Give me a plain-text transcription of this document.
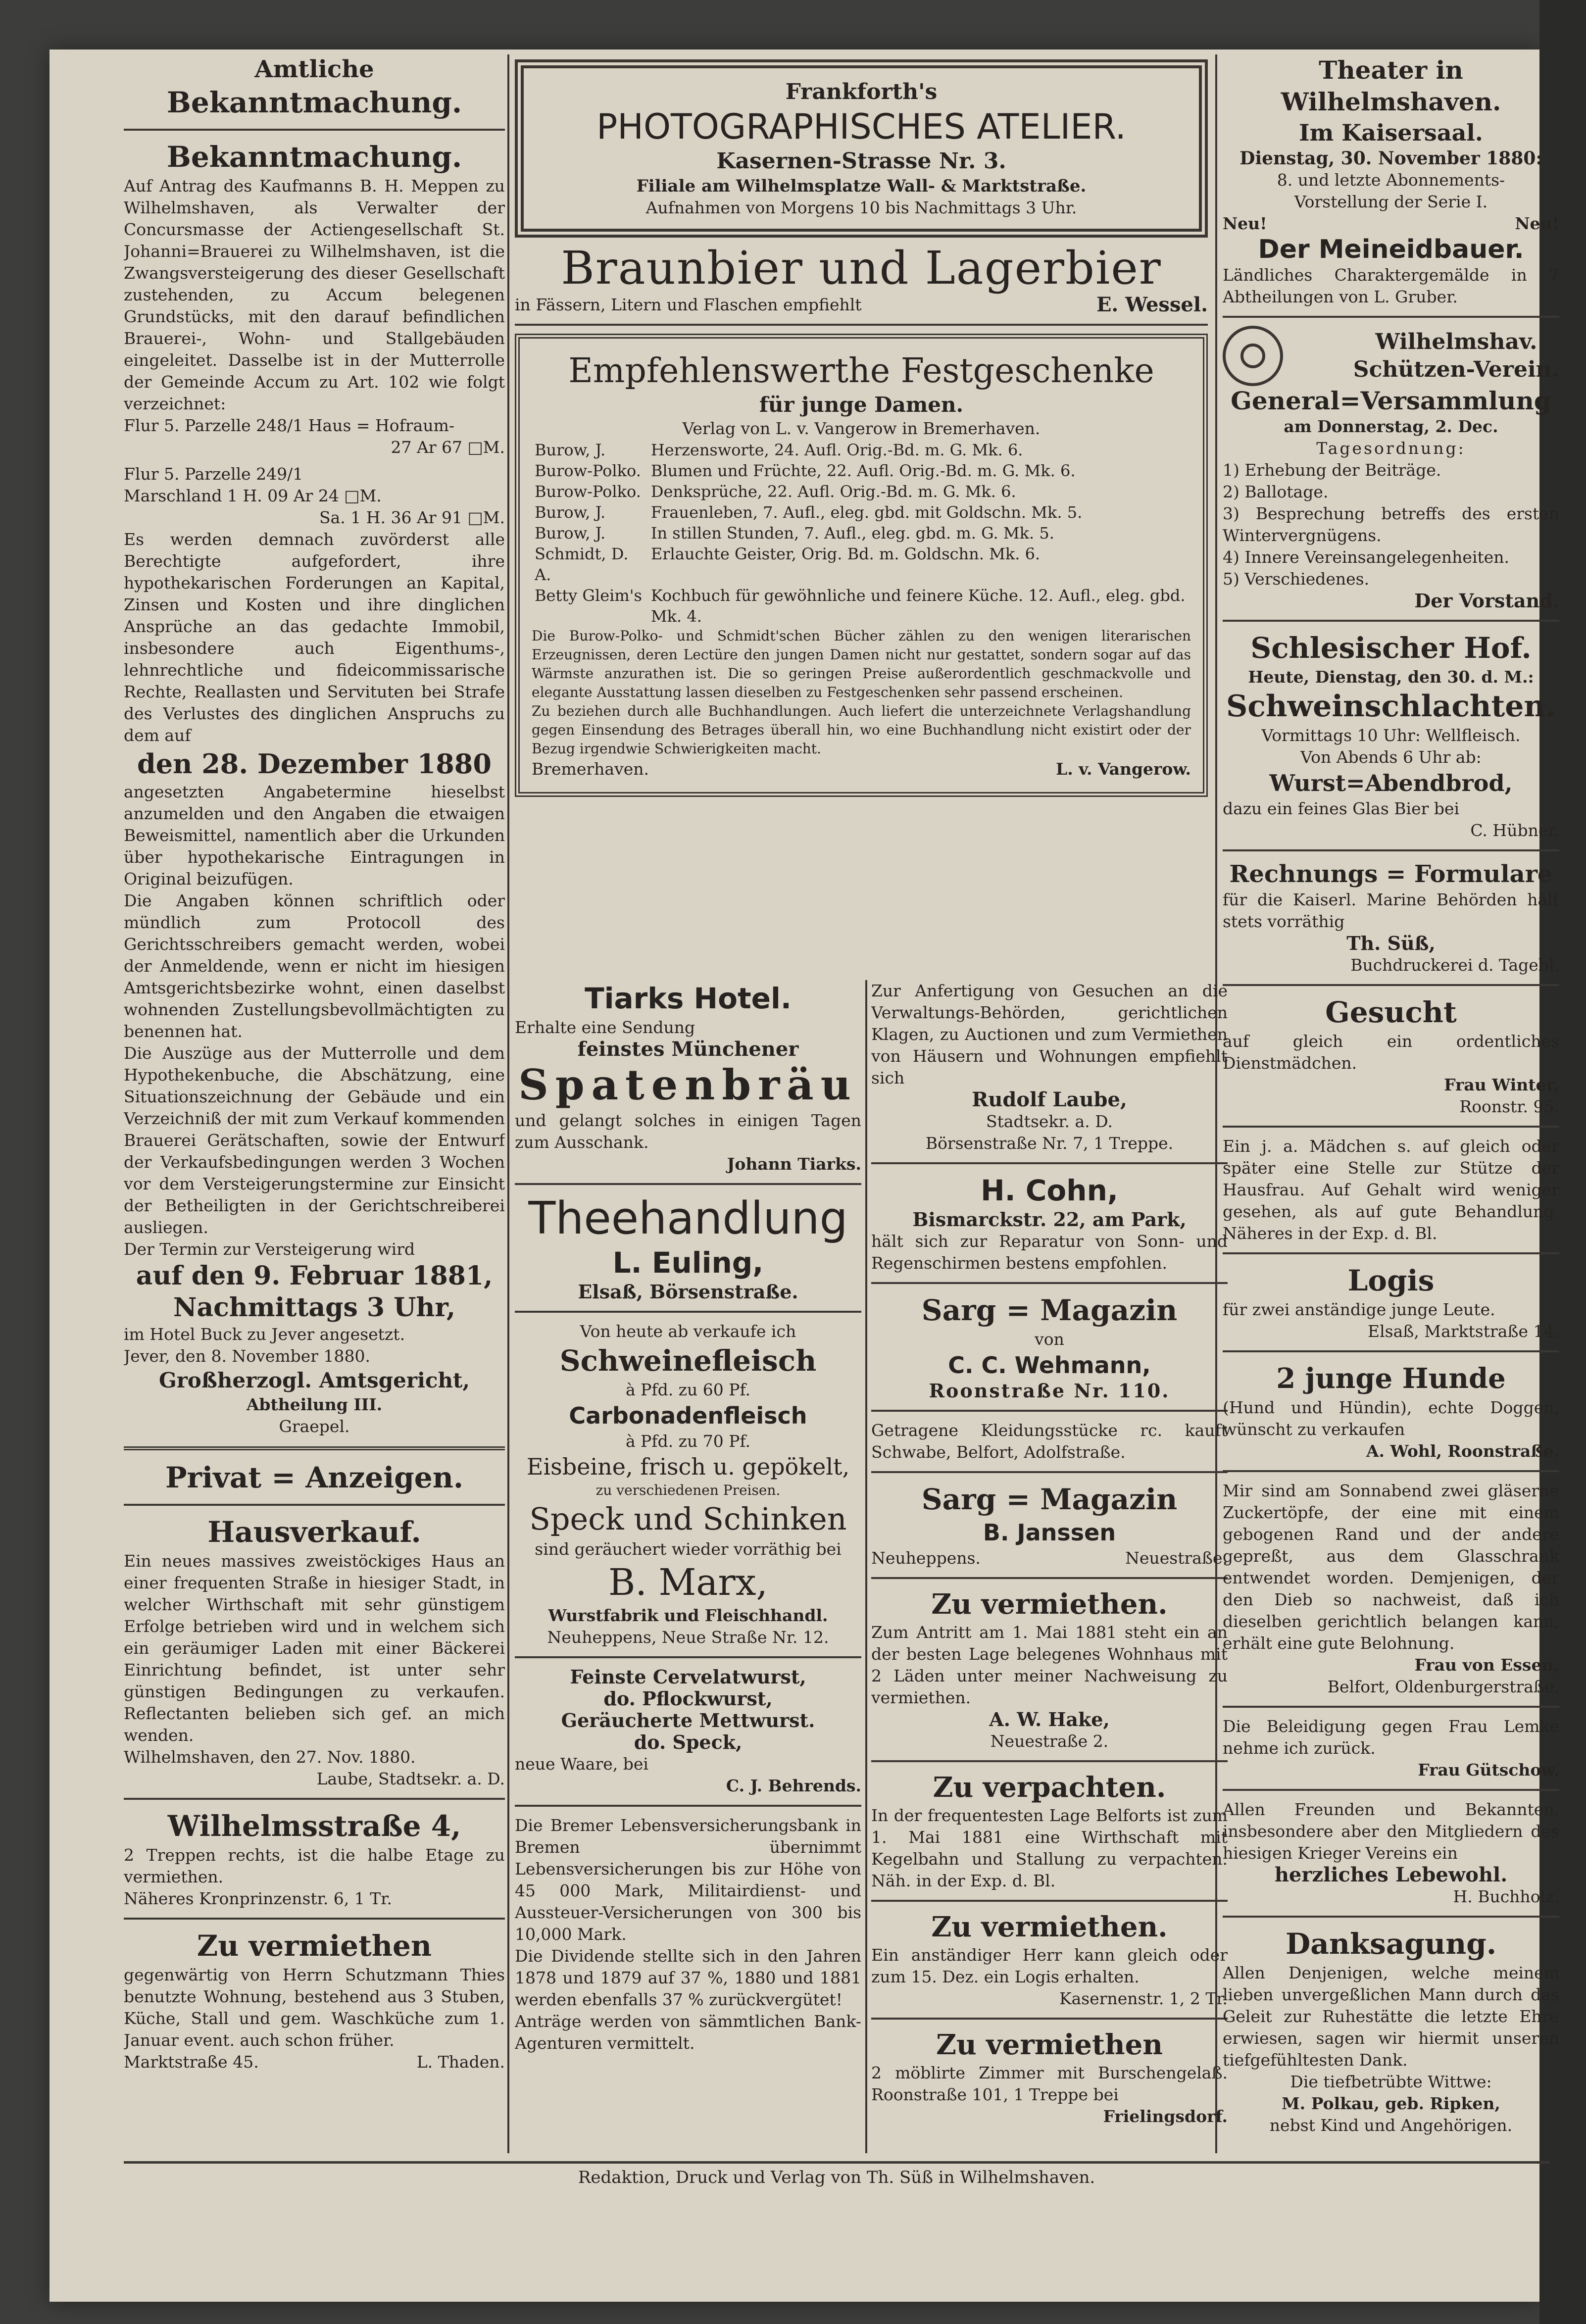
Amtliche

Bekanntmachung.

Bekanntmachung.

Auf Antrag des Kaufmanns B. H. Meppen zu Wilhelmshaven, als Verwalter der Concursmasse der Actiengesellschaft St. Johanni=Brauerei zu Wilhelmshaven, ist die Zwangsversteigerung des dieser Gesellschaft zustehenden, zu Accum belegenen Grundstücks, mit den darauf befindlichen Brauerei-, Wohn- und Stallgebäuden eingeleitet. Dasselbe ist in der Mutterrolle der Gemeinde Accum zu Art. 102 wie folgt verzeichnet:

Flur 5. Parzelle 248/1 Haus = Hofraum-

27 Ar 67 □M.

Flur 5. Parzelle 249/1

Marschland 1 H. 09 Ar 24 □M.

Sa. 1 H. 36 Ar 91 □M.

Es werden demnach zuvörderst alle Berechtigte aufgefordert, ihre hypothekarischen Forderungen an Kapital, Zinsen und Kosten und ihre dinglichen Ansprüche an das gedachte Immobil, insbesondere auch Eigenthums-, lehnrechtliche und fideicommissarische Rechte, Reallasten und Servituten bei Strafe des Verlustes des dinglichen Anspruchs zu dem auf

den 28. Dezember 1880

angesetzten Angabetermine hieselbst anzumelden und den Angaben die etwaigen Beweismittel, namentlich aber die Urkunden über hypothekarische Eintragungen in Original beizufügen.

Die Angaben können schriftlich oder mündlich zum Protocoll des Gerichtsschreibers gemacht werden, wobei der Anmeldende, wenn er nicht im hiesigen Amtsgerichtsbezirke wohnt, einen daselbst wohnenden Zustellungsbevollmächtigten zu benennen hat.

Die Auszüge aus der Mutterrolle und dem Hypothekenbuche, die Abschätzung, eine Situationszeichnung der Gebäude und ein Verzeichniß der mit zum Verkauf kommenden Brauerei Gerätschaften, sowie der Entwurf der Verkaufsbedingungen werden 3 Wochen vor dem Versteigerungstermine zur Einsicht der Betheiligten in der Gerichtschreiberei ausliegen.

Der Termin zur Versteigerung wird

auf den 9. Februar 1881,

Nachmittags 3 Uhr,

im Hotel Buck zu Jever angesetzt.

Jever, den 8. November 1880.

Großherzogl. Amtsgericht,

Abtheilung III.

Graepel.

Privat = Anzeigen.

Hausverkauf.

Ein neues massives zweistöckiges Haus an einer frequenten Straße in hiesiger Stadt, in welcher Wirthschaft mit sehr günstigem Erfolge betrieben wird und in welchem sich ein geräumiger Laden mit einer Bäckerei Einrichtung befindet, ist unter sehr günstigen Bedingungen zu verkaufen. Reflectanten belieben sich gef. an mich wenden.

Wilhelmshaven, den 27. Nov. 1880.

Laube, Stadtsekr. a. D.

Wilhelmsstraße 4,

2 Treppen rechts, ist die halbe Etage zu vermiethen.

Näheres Kronprinzenstr. 6, 1 Tr.

Zu vermiethen

gegenwärtig von Herrn Schutzmann Thies benutzte Wohnung, bestehend aus 3 Stuben, Küche, Stall und gem. Waschküche zum 1. Januar event. auch schon früher.

Marktstraße 45.	L. Thaden.

Frankforth's

PHOTOGRAPHISCHES ATELIER.

Kasernen-Strasse Nr. 3.

Filiale am Wilhelmsplatze Wall- & Marktstraße.

Aufnahmen von Morgens 10 bis Nachmittags 3 Uhr.

Braunbier und Lagerbier

in Fässern, Litern und Flaschen empfiehlt	E. Wessel.

Empfehlenswerthe Festgeschenke

für junge Damen.

Verlag von L. v. Vangerow in Bremerhaven.

Burow, J.	Herzensworte, 24. Aufl. Orig.-Bd. m. G. Mk. 6.
Burow-Polko.	Blumen und Früchte, 22. Aufl. Orig.-Bd. m. G. Mk. 6.
Burow-Polko.	Denksprüche, 22. Aufl. Orig.-Bd. m. G. Mk. 6.
Burow, J.	Frauenleben, 7. Aufl., eleg. gbd. mit Goldschn. Mk. 5.
Burow, J.	In stillen Stunden, 7. Aufl., eleg. gbd. m. G. Mk. 5.
Schmidt, D. A.	Erlauchte Geister, Orig. Bd. m. Goldschn. Mk. 6.
Betty Gleim's	Kochbuch für gewöhnliche und feinere Küche. 12. Aufl., eleg. gbd. Mk. 4.

Die Burow-Polko- und Schmidt'schen Bücher zählen zu den wenigen literarischen Erzeugnissen, deren Lectüre den jungen Damen nicht nur gestattet, sondern sogar auf das Wärmste anzurathen ist. Die so geringen Preise außerordentlich geschmackvolle und elegante Ausstattung lassen dieselben zu Festgeschenken sehr passend erscheinen.

Zu beziehen durch alle Buchhandlungen. Auch liefert die unterzeichnete Verlagshandlung gegen Einsendung des Betrages überall hin, wo eine Buchhandlung nicht existirt oder der Bezug irgendwie Schwierigkeiten macht.

Bremerhaven.	L. v. Vangerow.

Tiarks Hotel.

Erhalte eine Sendung

feinstes Münchener

Spatenbräu

und gelangt solches in einigen Tagen zum Ausschank.

Johann Tiarks.

Theehandlung

L. Euling,

Elsaß, Börsenstraße.

Von heute ab verkaufe ich

Schweinefleisch

à Pfd. zu 60 Pf.

Carbonadenfleisch

à Pfd. zu 70 Pf.

Eisbeine, frisch u. gepökelt,

zu verschiedenen Preisen.

Speck und Schinken

sind geräuchert wieder vorräthig bei

B. Marx,

Wurstfabrik und Fleischhandl.

Neuheppens, Neue Straße Nr. 12.

Feinste Cervelatwurst,

do. Pflockwurst,

Geräucherte Mettwurst.

do. Speck,

neue Waare, bei

C. J. Behrends.

Die Bremer Lebensversicherungsbank in Bremen übernimmt Lebensversicherungen bis zur Höhe von 45 000 Mark, Militairdienst- und Aussteuer-Versicherungen von 300 bis 10,000 Mark.

Die Dividende stellte sich in den Jahren 1878 und 1879 auf 37 %, 1880 und 1881 werden ebenfalls 37 % zurückvergütet!

Anträge werden von sämmtlichen Bank-Agenturen vermittelt.

Zur Anfertigung von Gesuchen an die Verwaltungs-Behörden, gerichtlichen Klagen, zu Auctionen und zum Vermiethen von Häusern und Wohnungen empfiehlt sich

Rudolf Laube,

Stadtsekr. a. D.

Börsenstraße Nr. 7, 1 Treppe.

H. Cohn,

Bismarckstr. 22, am Park,

hält sich zur Reparatur von Sonn- und Regenschirmen bestens empfohlen.

Sarg = Magazin

von

C. C. Wehmann,

Roonstraße Nr. 110.

Getragene Kleidungsstücke rc. kauft Schwabe, Belfort, Adolfstraße.

Sarg = Magazin

B. Janssen

Neuheppens.	Neuestraße.

Zu vermiethen.

Zum Antritt am 1. Mai 1881 steht ein an der besten Lage belegenes Wohnhaus mit 2 Läden unter meiner Nachweisung zu vermiethen.

A. W. Hake,

Neuestraße 2.

Zu verpachten.

In der frequentesten Lage Belforts ist zum 1. Mai 1881 eine Wirthschaft mit Kegelbahn und Stallung zu verpachten. Näh. in der Exp. d. Bl.

Zu vermiethen.

Ein anständiger Herr kann gleich oder zum 15. Dez. ein Logis erhalten.

Kasernenstr. 1, 2 Tr.

Zu vermiethen

2 möblirte Zimmer mit Burschengelaß. Roonstraße 101, 1 Treppe bei

Frielingsdorf.

Theater in Wilhelmshaven.

Im Kaisersaal.

Dienstag, 30. November 1880:

8. und letzte Abonnements-

Vorstellung der Serie I.

Neu!	Neu!

Der Meineidbauer.

Ländliches Charaktergemälde in 7 Abtheilungen von L. Gruber.

Wilhelmshav.

Schützen-Verein.

General=Versammlung

am Donnerstag, 2. Dec.

Tagesordnung:

1) Erhebung der Beiträge.

2) Ballotage.

3) Besprechung betreffs des ersten Wintervergnügens.

4) Innere Vereinsangelegenheiten.

5) Verschiedenes.

Der Vorstand.

Schlesischer Hof.

Heute, Dienstag, den 30. d. M.:

Schweinschlachten.

Vormittags 10 Uhr: Wellfleisch.

Von Abends 6 Uhr ab:

Wurst=Abendbrod,

dazu ein feines Glas Bier bei

C. Hübner.

Rechnungs = Formulare

für die Kaiserl. Marine Behörden hält stets vorräthig

Th. Süß,

Buchdruckerei d. Tagebl.

Gesucht

auf gleich ein ordentliches Dienstmädchen.

Frau Winter,

Roonstr. 95.

Ein j. a. Mädchen s. auf gleich oder später eine Stelle zur Stütze der Hausfrau. Auf Gehalt wird weniger gesehen, als auf gute Behandlung. Näheres in der Exp. d. Bl.

Logis

für zwei anständige junge Leute.

Elsaß, Marktstraße 14.

2 junge Hunde

(Hund und Hündin), echte Doggen, wünscht zu verkaufen

A. Wohl, Roonstraße.

Mir sind am Sonnabend zwei gläserne Zuckertöpfe, der eine mit einem gebogenen Rand und der andere gepreßt, aus dem Glasschrank entwendet worden. Demjenigen, der den Dieb so nachweist, daß ich dieselben gerichtlich belangen kann, erhält eine gute Belohnung.

Frau von Essen,

Belfort, Oldenburgerstraße.

Die Beleidigung gegen Frau Lemke nehme ich zurück.

Frau Gütschow.

Allen Freunden und Bekannten, insbesondere aber den Mitgliedern des hiesigen Krieger Vereins ein

herzliches Lebewohl.

H. Buchholz.

Danksagung.

Allen Denjenigen, welche meinem lieben unvergeßlichen Mann durch das Geleit zur Ruhestätte die letzte Ehre erwiesen, sagen wir hiermit unseren tiefgefühltesten Dank.

Die tiefbetrübte Wittwe:

M. Polkau, geb. Ripken,

nebst Kind und Angehörigen.

Redaktion, Druck und Verlag von Th. Süß in Wilhelmshaven.
